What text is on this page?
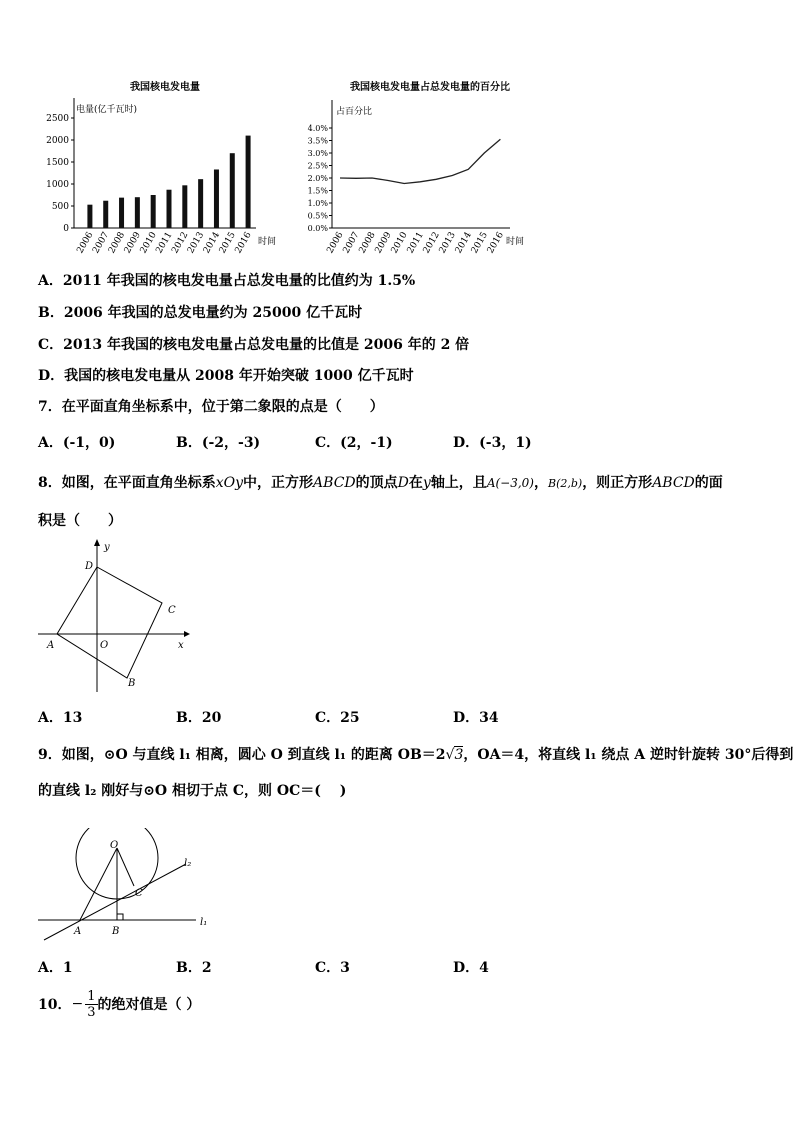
我国核电发电量
0
500
1000
1500
2000
2500
电量(亿千瓦时)
2006
2007
2008
2009
2010
2011
2012
2013
2014
2015
2016 时间
我国核电发电量占总发电量的百分比
0.0%
0.5%
1.0%
1.5%
2.0%
2.5%
3.0%
3.5%
4.0%
占百分比
2006
2007
2008
2009
2010
2011
2012
2013
2014
2015
2016 时间
A．2011 年我国的核电发电量占总发电量的比值约为 1.5%
B．2006 年我国的总发电量约为 25000 亿千瓦时
C．2013 年我国的核电发电量占总发电量的比值是 2006 年的 2 倍
D．我国的核电发电量从 2008 年开始突破 1000 亿千瓦时
7．在平面直角坐标系中，位于第二象限的点是（　　）
A．(-1，0)	B．(-2，-3)	C．(2，-1)	D．(-3，1)
8．如图，在平面直角坐标系xOy中，正方形ABCD的顶点D在y轴上，且A(−3,0)，B(2,b)，则正方形ABCD的面
积是（　　）
y
x
D
C
A	O
B
A．13	B．20	C．25	D．34
9．如图，⊙O 与直线 l₁ 相离，圆心 O 到直线 l₁ 的距离 OB＝2√3，OA＝4，将直线 l₁ 绕点 A 逆时针旋转 30°后得到
的直线 l₂ 刚好与⊙O 相切于点 C，则 OC＝(　 )
O
l₂
C
l₁
A	B
A．1	B．2	C．3	D．4
10． − $\frac{1}{3}$ 的绝对值是（ ）
